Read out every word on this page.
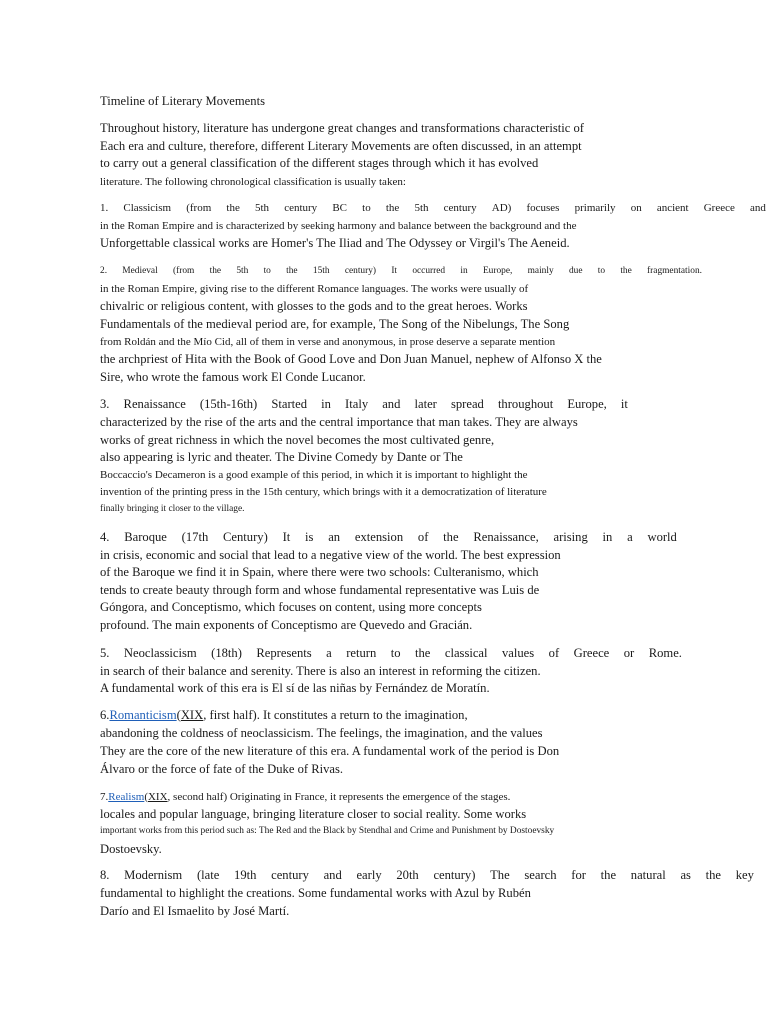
Timeline of Literary Movements
Throughout history, literature has undergone great changes and transformations characteristic of
Each era and culture, therefore, different Literary Movements are often discussed, in an attempt
to carry out a general classification of the different stages through which it has evolved
literature. The following chronological classification is usually taken:
1. Classicism (from the 5th century BC to the 5th century AD) focuses primarily on ancient Greece and
in the Roman Empire and is characterized by seeking harmony and balance between the background and the
Unforgettable classical works are Homer's The Iliad and The Odyssey or Virgil's The Aeneid.
2. Medieval (from the 5th to the 15th century) It occurred in Europe, mainly due to the fragmentation.
in the Roman Empire, giving rise to the different Romance languages. The works were usually of
chivalric or religious content, with glosses to the gods and to the great heroes. Works
Fundamentals of the medieval period are, for example, The Song of the Nibelungs, The Song
from Roldán and the Mío Cid, all of them in verse and anonymous, in prose deserve a separate mention
the archpriest of Hita with the Book of Good Love and Don Juan Manuel, nephew of Alfonso X the
Sire, who wrote the famous work El Conde Lucanor.
3. Renaissance (15th-16th) Started in Italy and later spread throughout Europe, it
characterized by the rise of the arts and the central importance that man takes. They are always
works of great richness in which the novel becomes the most cultivated genre,
also appearing is lyric and theater. The Divine Comedy by Dante or The
Boccaccio's Decameron is a good example of this period, in which it is important to highlight the
invention of the printing press in the 15th century, which brings with it a democratization of literature
finally bringing it closer to the village.
4. Baroque (17th Century) It is an extension of the Renaissance, arising in a world
in crisis, economic and social that lead to a negative view of the world. The best expression
of the Baroque we find it in Spain, where there were two schools: Culteranismo, which
tends to create beauty through form and whose fundamental representative was Luis de
Góngora, and Conceptismo, which focuses on content, using more concepts
profound. The main exponents of Conceptismo are Quevedo and Gracián.
5. Neoclassicism (18th) Represents a return to the classical values of Greece or Rome.
in search of their balance and serenity. There is also an interest in reforming the citizen.
A fundamental work of this era is El sí de las niñas by Fernández de Moratín.
6.Romanticism(XIX, first half). It constitutes a return to the imagination,
abandoning the coldness of neoclassicism. The feelings, the imagination, and the values
They are the core of the new literature of this era. A fundamental work of the period is Don
Álvaro or the force of fate of the Duke of Rivas.
7.Realism(XIX, second half) Originating in France, it represents the emergence of the stages.
locales and popular language, bringing literature closer to social reality. Some works
important works from this period such as: The Red and the Black by Stendhal and Crime and Punishment by Dostoevsky
Dostoevsky.
8. Modernism (late 19th century and early 20th century) The search for the natural as the key
fundamental to highlight the creations. Some fundamental works with Azul by Rubén
Darío and El Ismaelito by José Martí.
